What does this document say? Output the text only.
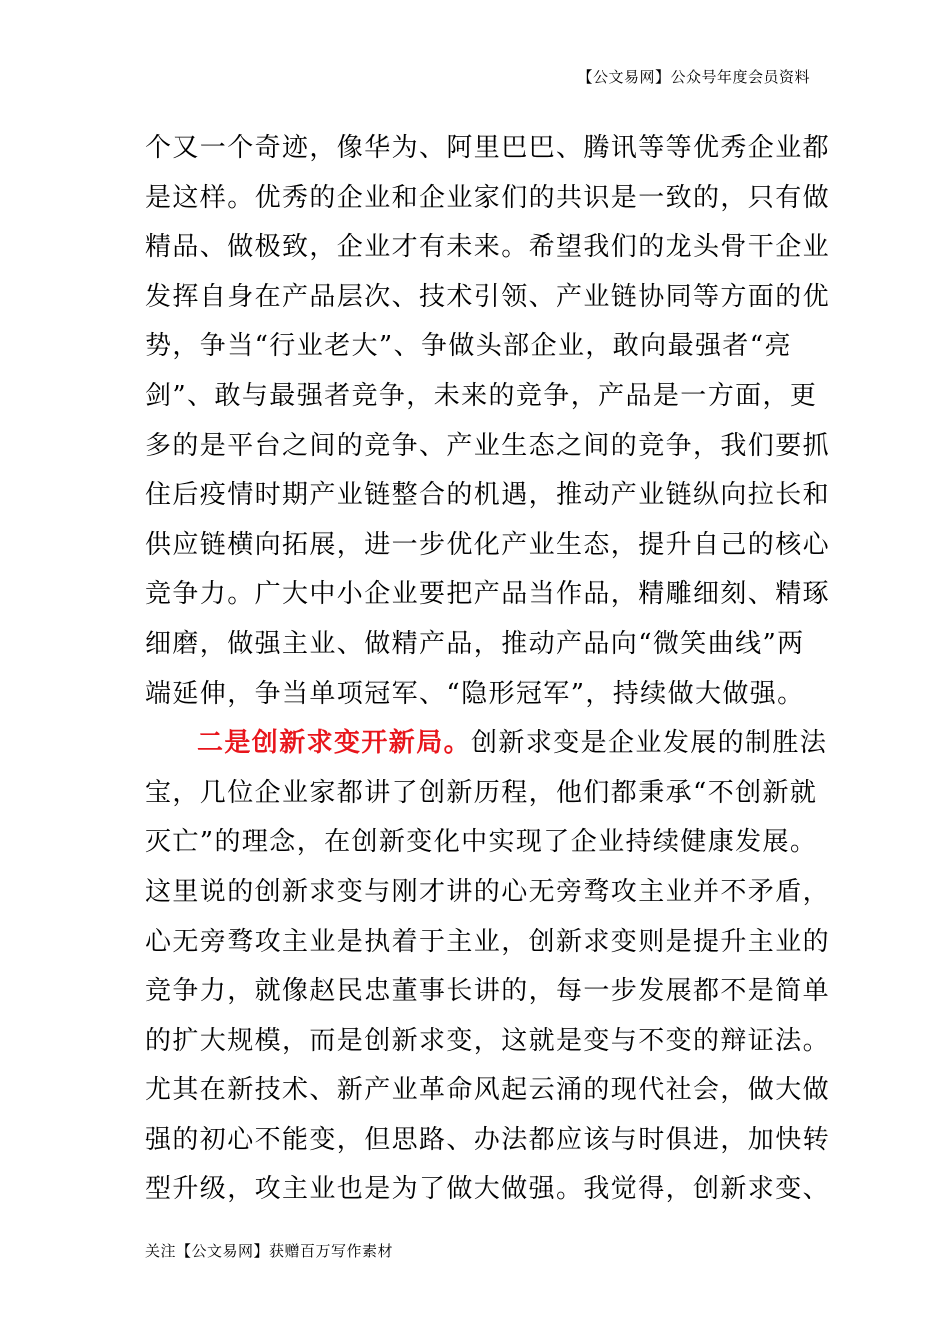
【公文易网】公众号年度会员资料
个又一个奇迹，像华为、阿里巴巴、腾讯等等优秀企业都
是这样。优秀的企业和企业家们的共识是一致的，只有做
精品、做极致，企业才有未来。希望我们的龙头骨干企业
发挥自身在产品层次、技术引领、产业链协同等方面的优
势，争当“行业老大”、争做头部企业，敢向最强者“亮
剑”、敢与最强者竞争，未来的竞争，产品是一方面，更
多的是平台之间的竞争、产业生态之间的竞争，我们要抓
住后疫情时期产业链整合的机遇，推动产业链纵向拉长和
供应链横向拓展，进一步优化产业生态，提升自己的核心
竞争力。广大中小企业要把产品当作品，精雕细刻、精琢
细磨，做强主业、做精产品，推动产品向“微笑曲线”两
端延伸，争当单项冠军、“隐形冠军”，持续做大做强。
二是创新求变开新局。创新求变是企业发展的制胜法
宝，几位企业家都讲了创新历程，他们都秉承“不创新就
灭亡”的理念，在创新变化中实现了企业持续健康发展。
这里说的创新求变与刚才讲的心无旁骛攻主业并不矛盾，
心无旁骛攻主业是执着于主业，创新求变则是提升主业的
竞争力，就像赵民忠董事长讲的，每一步发展都不是简单
的扩大规模，而是创新求变，这就是变与不变的辩证法。
尤其在新技术、新产业革命风起云涌的现代社会，做大做
强的初心不能变，但思路、办法都应该与时俱进，加快转
型升级，攻主业也是为了做大做强。我觉得，创新求变、
关注【公文易网】获赠百万写作素材
